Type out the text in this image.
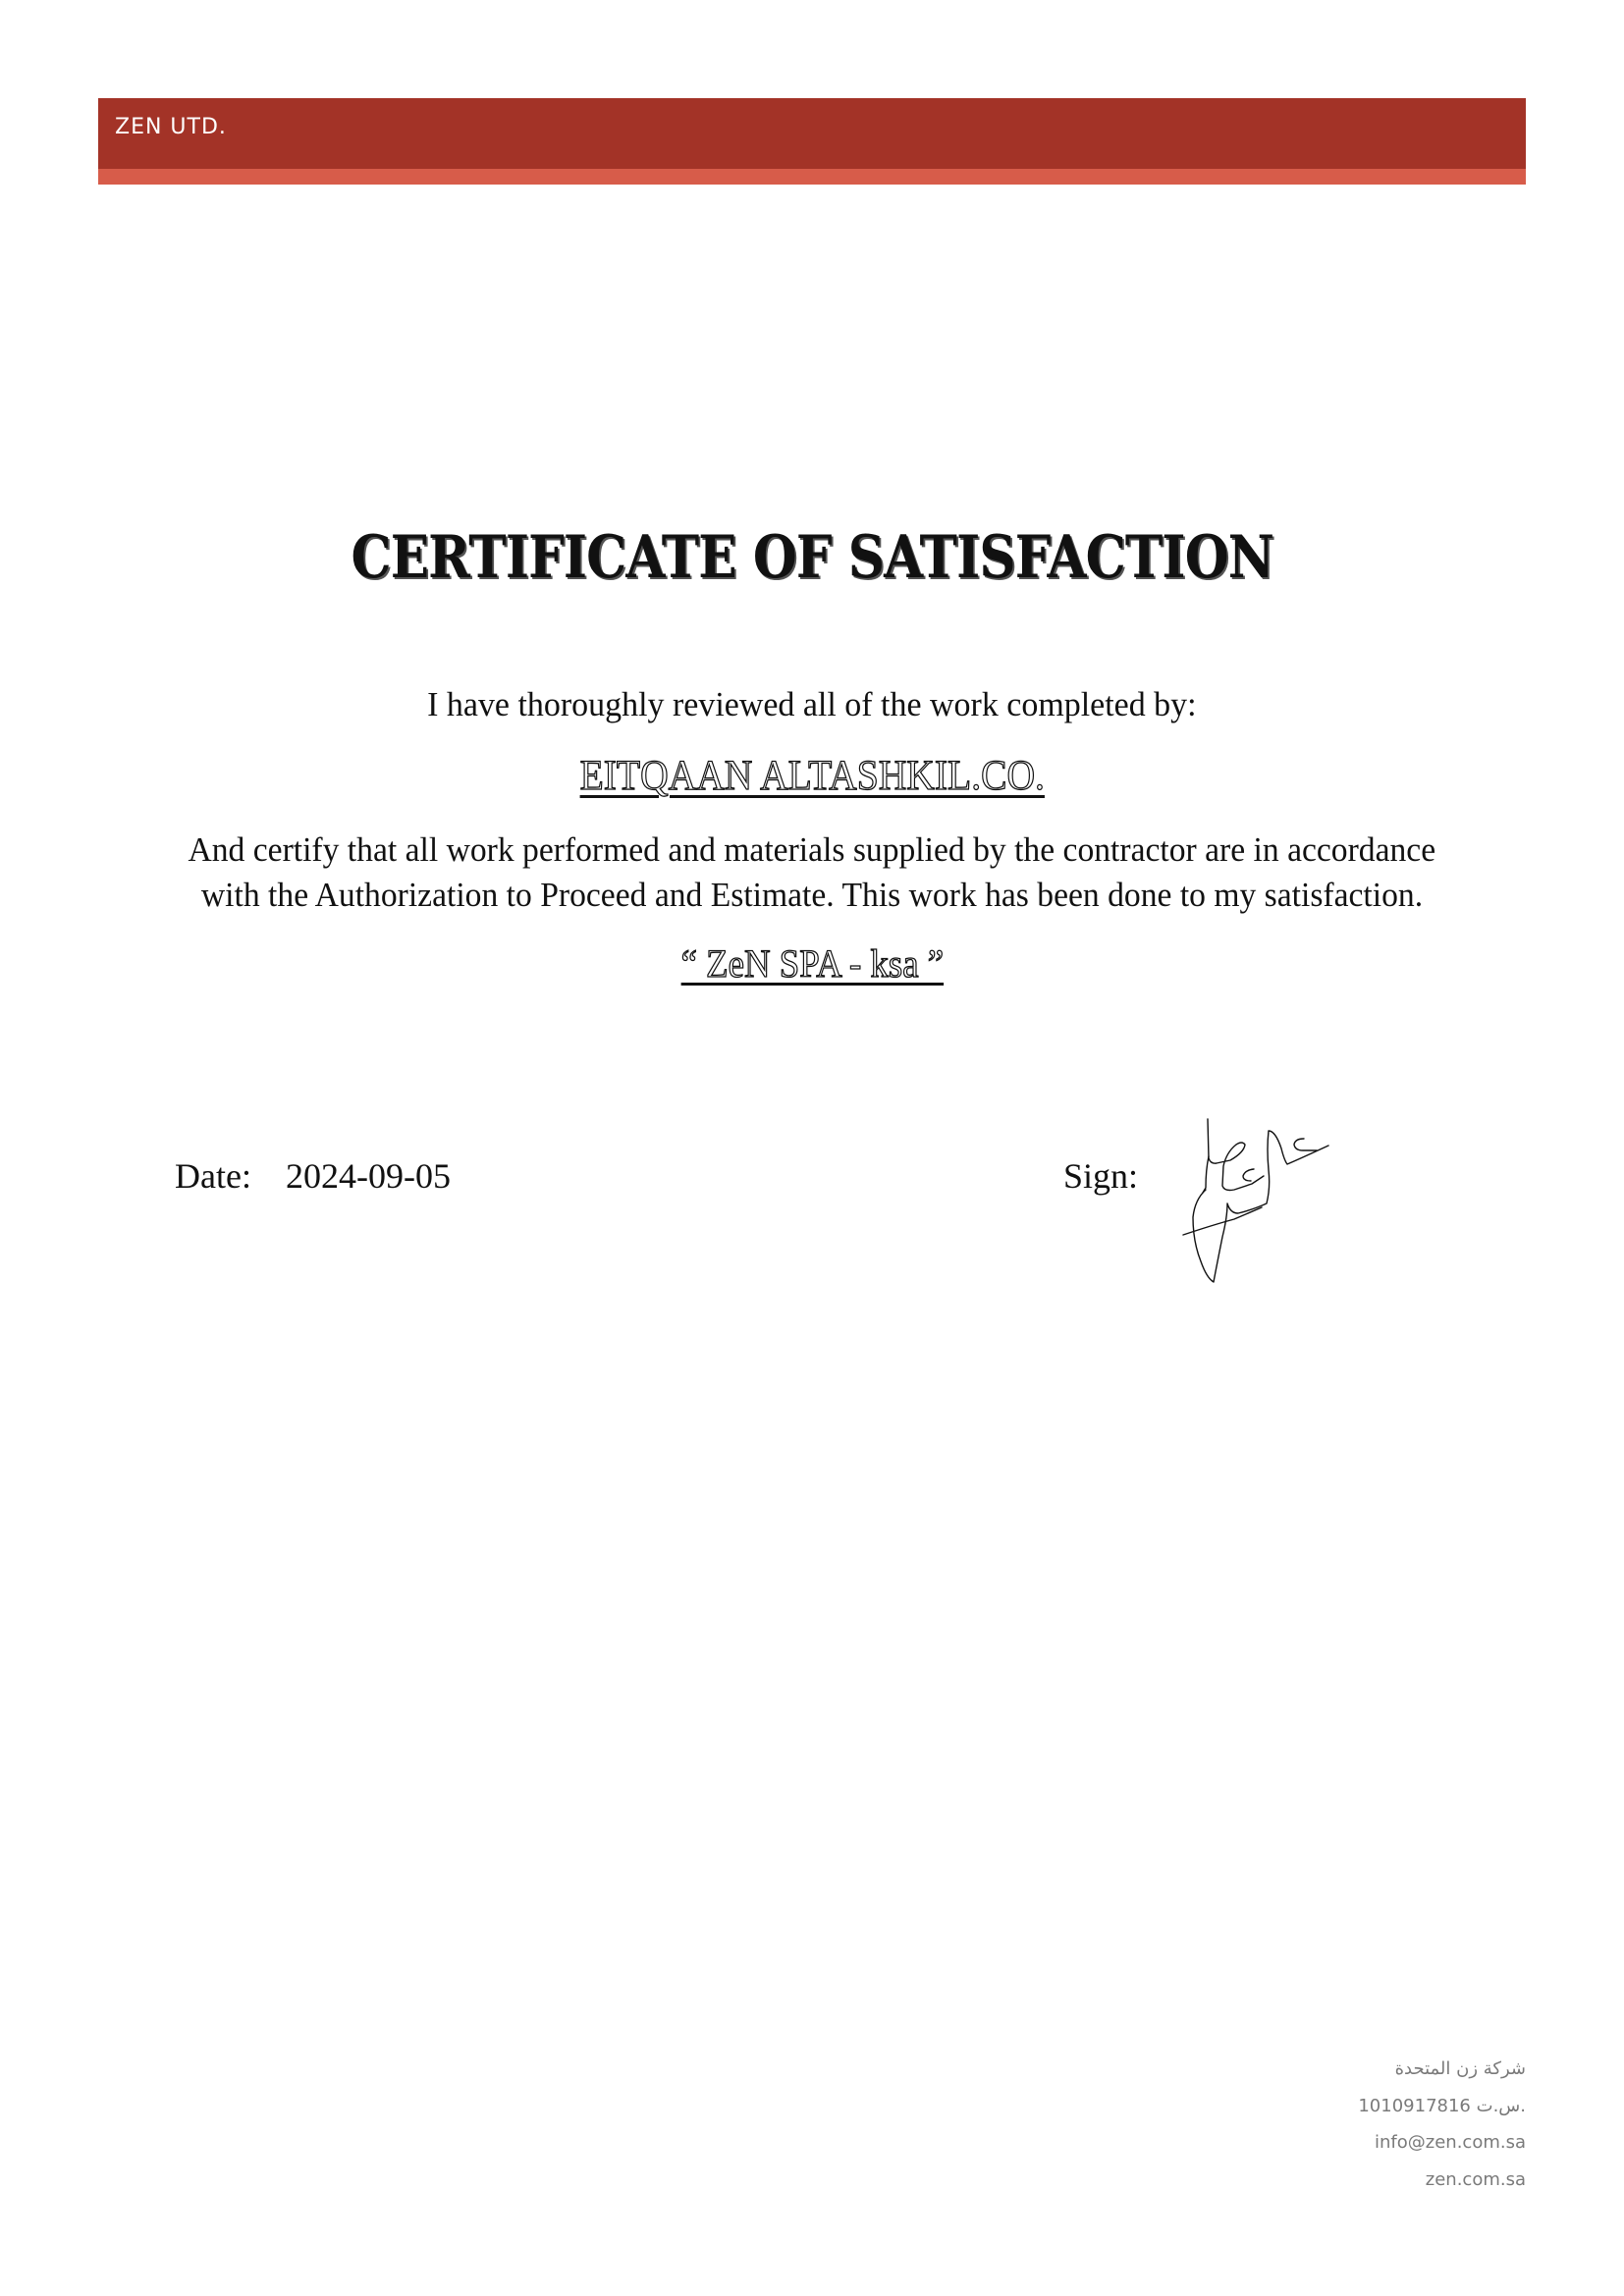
ZEN UTD.
CERTIFICATE OF SATISFACTION
I have thoroughly reviewed all of the work completed by:
EITQAAN ALTASHKIL.CO.
And certify that all work performed and materials supplied by the contractor are in accordance
with the Authorization to Proceed and Estimate. This work has been done to my satisfaction.
“ ZeN SPA - ksa ”
Date: 2024-09-05	Sign:
شركة زن المتحدة
1010917816 س.ت.
info@zen.com.sa
zen.com.sa
